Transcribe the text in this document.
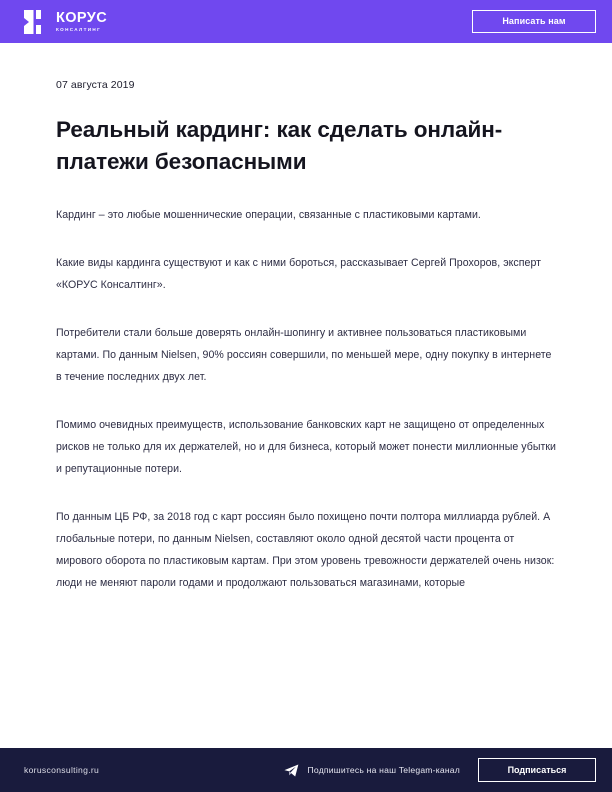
КОРУС
КОНСАЛТИНГ
Написать нам
07 августа 2019
Реальный кардинг: как сделать онлайн-платежи безопасными

Кардинг – это любые мошеннические операции, связанные с пластиковыми картами.

Какие виды кардинга существуют и как с ними бороться, рассказывает Сергей Прохоров, эксперт «КОРУС Консалтинг».

Потребители стали больше доверять онлайн-шопингу и активнее пользоваться пластиковыми картами. По данным Nielsen, 90% россиян совершили, по меньшей мере, одну покупку в интернете в течение последних двух лет.

Помимо очевидных преимуществ, использование банковских карт не защищено от определенных рисков не только для их держателей, но и для бизнеса, который может понести миллионные убытки и репутационные потери.

По данным ЦБ РФ, за 2018 год с карт россиян было похищено почти полтора миллиарда рублей. А глобальные потери, по данным Nielsen, составляют около одной десятой части процента от мирового оборота по пластиковым картам. При этом уровень тревожности держателей очень низок: люди не меняют пароли годами и продолжают пользоваться магазинами, которые

korusconsulting.ru	Подпишитесь на наш Telegam-канал	Подписаться
